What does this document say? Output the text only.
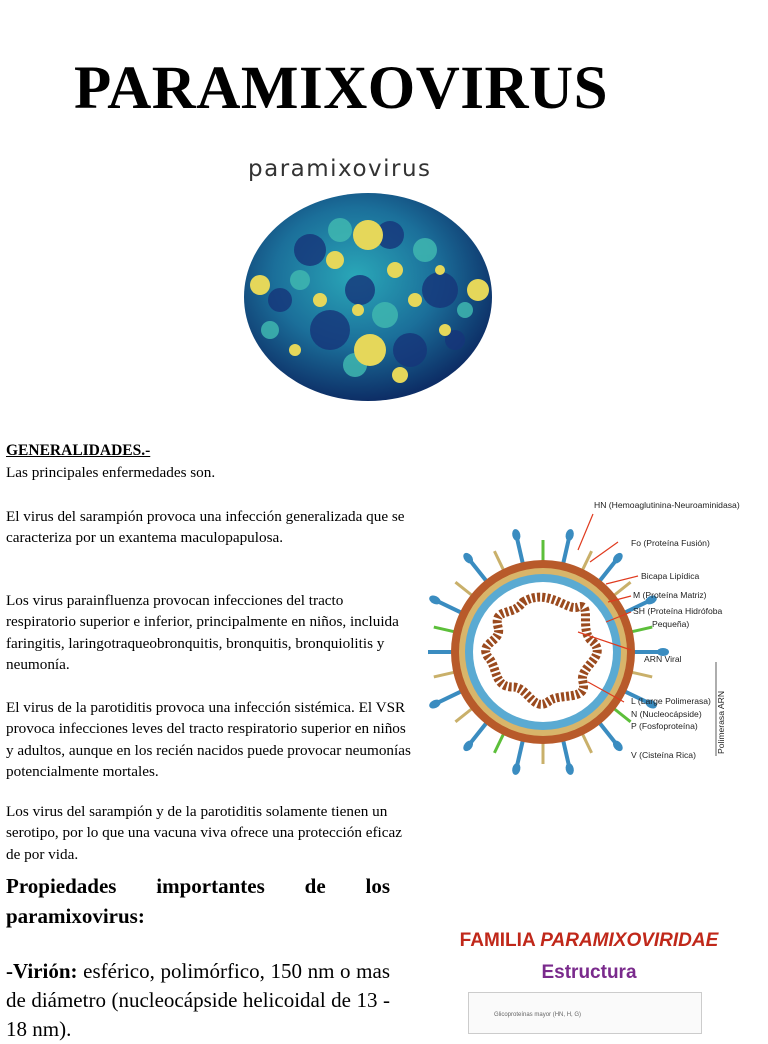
PARAMIXOVIRUS
paramixovirus
GENERALIDADES.-
Las principales enfermedades son.
El virus del sarampión provoca una infección generalizada que se caracteriza por un exantema maculopapulosa.
Los virus parainfluenza provocan infecciones del tracto respiratorio superior e inferior, principalmente en niños, incluida faringitis, laringotraqueobronquitis, bronquitis, bronquiolitis y neumonía.
El virus de la parotiditis provoca una infección sistémica. El VSR provoca infecciones leves del tracto respiratorio superior en niños y adultos, aunque en los recién nacidos puede provocar neumonías potencialmente mortales.
Los virus del sarampión y de la parotiditis solamente tienen un serotipo, por lo que una vacuna viva ofrece una protección eficaz de por vida.
Propiedades importantes de los
paramixovirus:
-Virión: esférico, polimórfico, 150 nm o mas de diámetro (nucleocápside helicoidal de 13 - 18 nm).
HN (Hemoaglutinina-Neuroaminidasa)
Fo (Proteína Fusión)
Bicapa Lipídica
M (Proteína Matriz)
SH (Proteína Hidrófoba
Pequeña)
ARN Viral
L (Large Polimerasa)
N (Nucleocápside)
P (Fosfoproteína)
V (Cisteína Rica)
Polimerasa ARN
FAMILIA PARAMIXOVIRIDAE
Estructura
Glicoproteínas mayor (HN, H, G)
